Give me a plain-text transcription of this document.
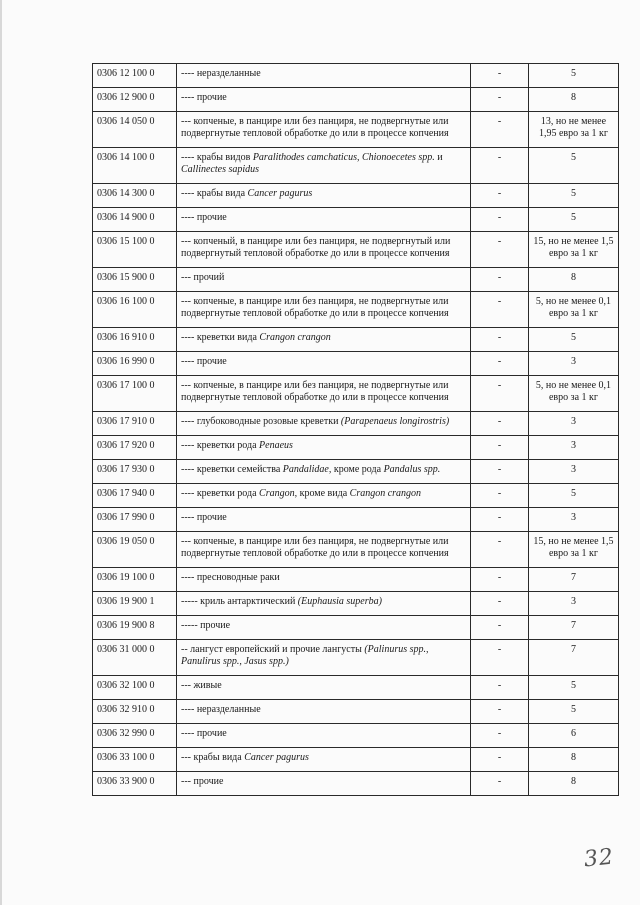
0306 12 100 0	---- неразделанные	-	5
0306 12 900 0	---- прочие	-	8
0306 14 050 0	--- копченые, в панцире или без панциря, не подвергнутые или подвергнутые тепловой обработке до или в процессе копчения	-	13, но не менее 1,95 евро за 1 кг
0306 14 100 0	---- крабы видов Paralithodes camchaticus, Chionoecetes spp. и Callinectes sapidus	-	5
0306 14 300 0	---- крабы вида Cancer pagurus	-	5
0306 14 900 0	---- прочие	-	5
0306 15 100 0	--- копченый, в панцире или без панциря, не подвергнутый или подвергнутый тепловой обработке до или в процессе копчения	-	15, но не менее 1,5 евро за 1 кг
0306 15 900 0	--- прочий	-	8
0306 16 100 0	--- копченые, в панцире или без панциря, не подвергнутые или подвергнутые тепловой обработке до или в процессе копчения	-	5, но не менее 0,1 евро за 1 кг
0306 16 910 0	---- креветки вида Crangon crangon	-	5
0306 16 990 0	---- прочие	-	3
0306 17 100 0	--- копченые, в панцире или без панциря, не подвергнутые или подвергнутые тепловой обработке до или в процессе копчения	-	5, но не менее 0,1 евро за 1 кг
0306 17 910 0	---- глубоководные розовые креветки (Parapenaeus longirostris)	-	3
0306 17 920 0	---- креветки рода Penaeus	-	3
0306 17 930 0	---- креветки семейства Pandalidae, кроме рода Pandalus spp.	-	3
0306 17 940 0	---- креветки рода Crangon, кроме вида Crangon crangon	-	5
0306 17 990 0	---- прочие	-	3
0306 19 050 0	--- копченые, в панцире или без панциря, не подвергнутые или подвергнутые тепловой обработке до или в процессе копчения	-	15, но не менее 1,5 евро за 1 кг
0306 19 100 0	---- пресноводные раки	-	7
0306 19 900 1	----- криль антарктический (Euphausia superba)	-	3
0306 19 900 8	----- прочие	-	7
0306 31 000 0	-- лангуст европейский и прочие лангусты (Palinurus spp., Panulirus spp., Jasus spp.)	-	7
0306 32 100 0	--- живые	-	5
0306 32 910 0	---- неразделанные	-	5
0306 32 990 0	---- прочие	-	6
0306 33 100 0	--- крабы вида Cancer pagurus	-	8
0306 33 900 0	--- прочие	-	8
32
